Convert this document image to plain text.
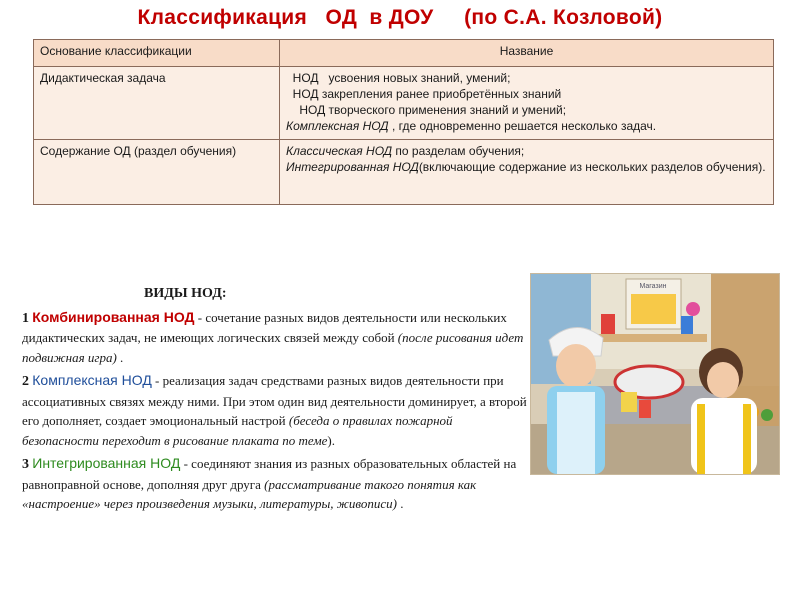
Классификация   ОД  в ДОУ     (по С.А. Козловой)
Основание классификации	Название
Дидактическая задача	НОД   усвоения новых знаний, умений;
НОД закрепления ранее приобретённых знаний
НОД творческого применения знаний и умений;
Комплексная НОД , где одновременно решается несколько задач.

Содержание ОД (раздел обучения)	Классическая НОД по разделам обучения;
Интегрированная НОД(включающие содержание из нескольких разделов обучения).

ВИДЫ НОД:

1 Комбинированная НОД - сочетание разных видов деятельности или нескольких дидактических задач, не имеющих логических связей между собой (после рисования идет подвижная игра) .

2 Комплексная НОД - реализация задач средствами разных видов деятельности при ассоциативных связях между ними. При этом один вид деятельности доминирует, а второй его дополняет, создает эмоциональный настрой (беседа о правилах пожарной безопасности переходит в рисование плаката по теме).

3 Интегрированная НОД - соединяют знания из разных образовательных областей на равноправной основе, дополняя друг друга (рассматривание такого понятия как «настроение» через произведения музыки, литературы, живописи) .

Магазин
